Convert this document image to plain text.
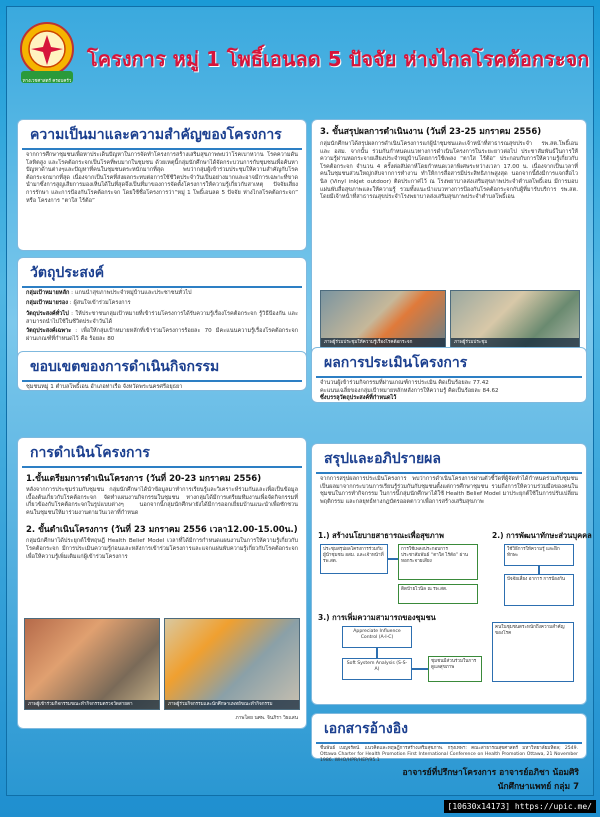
ทางเวชศาสตร์ ครอบครัว
โครงการ หมู่ 1 โพธิ์เอนลด 5 ปัจจัย ห่างไกลโรคต้อกระจก
ความเป็นมาและความสำคัญของโครงการ
จากการศึกษาชุมชนเพื่อหาประเด็นปัญหาในการจัดทำโครงการสร้างเสริมสุขภาพพบว่าโรคเบาหวาน โรคความดันโลหิตสูง และโรคต้อกระจกเป็นโรคที่พบมากในชุมชน ด้วยเหตุนี้กลุ่มนักศึกษาได้จัดกระบวนการกับชุมชนเพื่อค้นหาปัญหาด้านต่างๆและปัญหาที่คนในชุมชนตระหนักมากที่สุด พบว่ากลุ่มผู้เข้าร่วมประชุมให้ความสำคัญกับโรคต้อกระจกมากที่สุด เนื่องจากเป็นโรคที่ส่งผลกระทบต่อการใช้ชีวิตประจำวันเป็นอย่างมากและอาจมีการเฉพาะที่ขาดนำมาซึ่งการสูญเสียการมองเห็นได้ในที่สุดจึงเป็นที่มาของการจัดตั้งโครงการให้ความรู้เกี่ยวกับสาเหตุ ปัจจัยเสี่ยง การรักษา และการป้องกันโรคต้อกระจก โดยใช้ชื่อโครงการว่า“หมู่ 1 โพธิ์เอนลด 5 ปัจจัย ห่างไกลโรคต้อกระจก” หรือ โครงการ “ตาใส ไร้ต้อ”
วัตถุประสงค์
กลุ่มเป้าหมายหลัก : แกนนำสุขภาพประจำหมู่บ้านและประชาชนทั่วไป
กลุ่มเป้าหมายรอง : ผู้สนใจเข้าร่วมโครงการ
วัตถุประสงค์ทั่วไป : ให้ประชาชนกลุ่มเป้าหมายที่เข้าร่วมโครงการได้รับความรู้เรื่องโรคต้อกระจก รู้วิธีป้องกัน และสามารถนำไปใช้ในชีวิตประจำวันได้
วัตถุประสงค์เฉพาะ : เพื่อให้กลุ่มเป้าหมายหลักที่เข้าร่วมโครงการร้อยละ 70 มีคะแนนความรู้เรื่องโรคต้อกระจกผ่านเกณฑ์ที่กำหนดไว้ คือ ร้อยละ 80
ขอบเขตของการดำเนินกิจกรรม
ชุมชนหมู่ 1 ตำบลโพธิ์เอน อำเภอท่าเรือ จังหวัดพระนครศรีอยุธยา
การดำเนินโครงการ
1.ขั้นเตรียมการดำเนินโครงการ (วันที่ 20-23 มกราคม 2556)
หลังจากการประชุมร่วมกับชุมชน กลุ่มนักศึกษาได้นำข้อมูลมาทำการเรียนรู้และวิเคราะห์ร่วมกันและเพื่อเป็นข้อมูลเบื้องต้นเกี่ยวกับโรคต้อกระจก จัดทำแผนงานกิจกรรมในชุมชน ทางกลุ่มได้มีการเตรียมทีมงานเพื่อจัดกิจกรรมที่เกี่ยวข้องกับโรคต้อกระจกในรูปแบบต่างๆ นอกจากนี้กลุ่มนักศึกษายังได้มีการออกเยี่ยมบ้านแนะนำเพื่อชักชวนคนในชุมชนให้มาร่วมงานตามวันเวลาที่กำหนด
2. ขั้นดำเนินโครงการ (วันที่ 23 มกราคม 2556 เวลา12.00-15.00น.)
กลุ่มนักศึกษาได้ประยุกต์ใช้ทฤษฎี Health Belief Model เวลาที่ได้มีการกำหนดแผนงานในการให้ความรู้เกี่ยวกับโรคต้อกระจก มีการประเมินความรู้ก่อนและหลังการเข้าร่วมโครงการและแจกแผ่นพับความรู้เกี่ยวกับโรคต้อกระจกเพื่อให้ความรู้เพิ่มเติมแก่ผู้เข้าร่วมโครงการ
ภาพผู้เข้าร่วมกิจกรรมขณะทำกิจกรรมตรวจวัดสายตา	ภาพผู้ร่วมกิจกรรมและนักศึกษาแพทย์ขณะทำกิจกรรม
ภาพโดย นศพ. จินภิรา วิธแสน
3. ขั้นสรุปผลการดำเนินงาน (วันที่ 23-25 มกราคม 2556)
กลุ่มนักศึกษาได้สรุปผลการดำเนินโครงการแก่ผู้นำชุมชนและเจ้าหน้าที่สาธารณสุขประจำ รพ.สต.โพธิ์เอน และ อสม. จากนั้น ร่วมกันกำหนดแนวทางการดำเนินโครงการในระยะยาวต่อไป ประชาสัมพันธ์ในการให้ความรู้ผ่านหอกระจายเสียงประจำหมู่บ้านโดยการใช้เพลง “ตาใส ไร้ต้อ” ประกอบกับการให้ความรู้เกี่ยวกับโรคต้อกระจก จำนวน 4 ครั้งต่อสัปดาห์โดยกำหนดเวลาพิเศษระหว่างเวลา 17.00 น. เนื่องจากเป็นเวลาที่คนในชุมชนส่วนใหญ่กลับจากการทำงาน ทำให้การสื่อสารมีประสิทธิภาพสูงสุด นอกจากนี้ยังมีการแจกสื่อไวนิล (Vinyl inkjet outdoor) ติดประกาศไว้ ณ โรงพยาบาลส่งเสริมสุขภาพประจำตำบลโพธิ์เอน มีการมอบแผ่นพับสื่อสุขภาพและให้ความรู้ รวมทั้งแนะนำแนวทางการป้องกันโรคต้อกระจกกับผู้ที่มารับบริการ รพ.สต. โดยมีเจ้าหน้าที่สาธารณสุขประจำโรงพยาบาลส่งเสริมสุขภาพประจำตำบลโพธิ์เอน
ภาพผู้ร่วมประชุมให้ความรู้เรื่องโรคต้อกระจก	ภาพผู้ร่วมประชุม
ผลการประเมินโครงการ
จำนวนผู้เข้าร่วมกิจกรรมที่ผ่านเกณฑ์การประเมิน คิดเป็นร้อยละ 77.42
คะแนนเฉลี่ยของกลุ่มเป้าหมายหลักหลังการให้ความรู้ คิดเป็นร้อยละ 84.62
ซึ่งบรรลุวัตถุประสงค์ที่กำหนดไว้
สรุปและอภิปรายผล
จากการสรุปผลการประเมินโครงการ พบว่าการดำเนินโครงการผ่านตัวชี้วัดที่ผู้จัดทำได้กำหนดร่วมกับชุมชน เป็นผลมาจากกระบวนการเรียนรู้ร่วมกันกับชุมชนตั้งแต่การศึกษาชุมชน รวมถึงการให้ความร่วมมือของคนในชุมชนในการทำกิจกรรม ในการนี้กลุ่มนักศึกษาได้ใช้ Health Belief Model มาประยุกต์ใช้ในการปรับเปลี่ยนพฤติกรรม และกลยุทธ์ทางกฎบัตรออตตาวาเพื่อการสร้างเสริมสุขภาพ
1.) สร้างนโยบายสาธารณะเพื่อสุขภาพ	2.) การพัฒนาทักษะส่วนบุคคล
ประชุมสรุปผลโครงการร่วมกับ ผู้นำชุมชน อสม. และเจ้าหน้าที่ รพ.สต.
การใช้เพลงประกอบการประชาสัมพันธ์ “ตาใส ไร้ต้อ” ผ่านหอกระจายเสียง
ติดป้ายไวนิล ณ รพ.สต.
ใช้วิธีการให้ความรู้ และฝึกทักษะ
ปัจจัยเสี่ยง อาการ การป้องกัน
3.) การเพิ่มความสามารถของชุมชน
Appreciate Influence Control (A-I-C)
Soft System Analysis (S-S-A)
ชุมชนมีส่วนร่วมในการดูแลสุขภาพ
คนในชุมชนตระหนักถึงความสำคัญของโรค
เอกสารอ้างอิง
ชื่นพันธ์ เบญจรัตน์. แนวคิดและทฤษฎีการสร้างเสริมสุขภาพ. กรุงเทพฯ: คณะสาธารณสุขศาสตร์ มหาวิทยาลัยมหิดล; 2549. Ottawa Charter for Health Promotion First International Conference on Health Promotion Ottawa, 21 November 1986. WHO/HPR/HEP/95.1
อาจารย์ที่ปรึกษาโครงการ อาจารย์อภิชา น้อมศิริ
นักศึกษาแพทย์ กลุ่ม 7
[10630x14173] https://upic.me/
